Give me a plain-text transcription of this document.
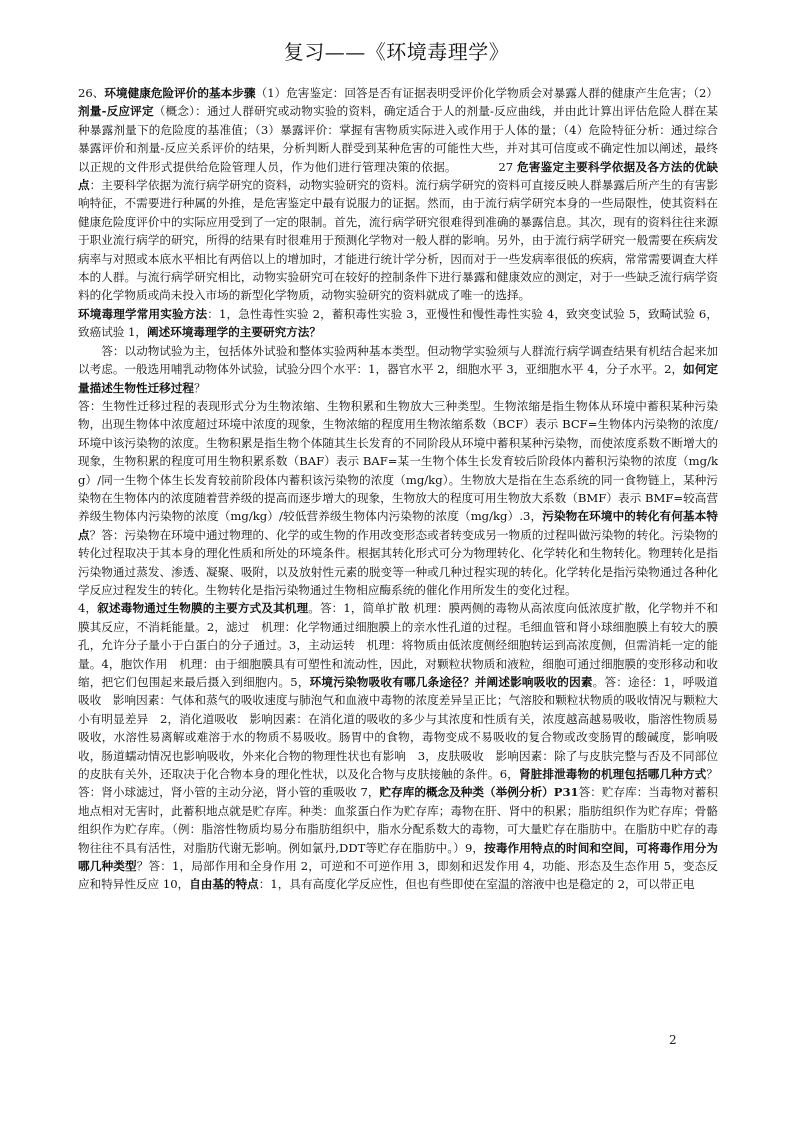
复习——《环境毒理学》

26、环境健康危险评价的基本步骤（1）危害鉴定：回答是否有证据表明受评价化学物质会对暴露人群的健康产生危害；（2）剂量-反应评定（概念）：通过人群研究或动物实验的资料，确定适合于人的剂量-反应曲线，并由此计算出评估危险人群在某种暴露剂量下的危险度的基准值；（3）暴露评价：掌握有害物质实际进入或作用于人体的量；（4）危险特征分析：通过综合暴露评价和剂量-反应关系评价的结果，分析判断人群受到某种危害的可能性大些，并对其可信度或不确定性加以阐述，最终以正规的文件形式提供给危险管理人员，作为他们进行管理决策的依据。　　　　27 危害鉴定主要科学依据及各方法的优缺点：主要科学依据为流行病学研究的资料，动物实验研究的资料。流行病学研究的资料可直接反映人群暴露后所产生的有害影响特征，不需要进行种属的外推，是危害鉴定中最有说服力的证据。然而，由于流行病学研究本身的一些局限性，使其资料在健康危险度评价中的实际应用受到了一定的限制。首先，流行病学研究很难得到准确的暴露信息。其次，现有的资料往往来源于职业流行病学的研究，所得的结果有时很难用于预测化学物对一般人群的影响。另外，由于流行病学研究一般需要在疾病发病率与对照或本底水平相比有两倍以上的增加时，才能进行统计学分析，因而对于一些发病率很低的疾病，常常需要调查大样本的人群。与流行病学研究相比，动物实验研究可在较好的控制条件下进行暴露和健康效应的测定，对于一些缺乏流行病学资料的化学物质或尚未投入市场的新型化学物质，动物实验研究的资料就成了唯一的选择。

环境毒理学常用实验方法：1，急性毒性实验 2，蓄积毒性实验 3，亚慢性和慢性毒性实验 4，致突变试验 5，致畸试验 6，致癌试验 1，阐述环境毒理学的主要研究方法？

答：以动物试验为主，包括体外试验和整体实验两种基本类型。但动物学实验须与人群流行病学调查结果有机结合起来加以考虑。一般选用哺乳动物体外试验，试验分四个水平：1，器官水平 2，细胞水平 3，亚细胞水平 4，分子水平。2，如何定量描述生物性迁移过程？

答：生物性迁移过程的表现形式分为生物浓缩、生物积累和生物放大三种类型。生物浓缩是指生物体从环境中蓄积某种污染物，出现生物体中浓度超过环境中浓度的现象，生物浓缩的程度用生物浓缩系数（BCF）表示 BCF=生物体内污染物的浓度/环境中该污染物的浓度。生物积累是指生物个体随其生长发育的不同阶段从环境中蓄积某种污染物，而使浓度系数不断增大的现象，生物积累的程度可用生物积累系数（BAF）表示 BAF=某一生物个体生长发育较后阶段体内蓄积污染物的浓度（mg/kg）/同一生物个体生长发育较前阶段体内蓄积该污染物的浓度（mg/kg）。生物放大是指在生态系统的同一食物链上，某种污染物在生物体内的浓度随着营养级的提高而逐步增大的现象，生物放大的程度可用生物放大系数（BMF）表示 BMF=较高营养级生物体内污染物的浓度（mg/kg）/较低营养级生物体内污染物的浓度（mg/kg）.3，污染物在环境中的转化有何基本特点？答：污染物在环境中通过物理的、化学的或生物的作用改变形态或者转变成另一物质的过程叫做污染物的转化。污染物的转化过程取决于其本身的理化性质和所处的环境条件。根据其转化形式可分为物理转化、化学转化和生物转化。物理转化是指污染物通过蒸发、渗透、凝聚、吸附，以及放射性元素的脱变等一种或几种过程实现的转化。化学转化是指污染物通过各种化学反应过程发生的转化。生物转化是指污染物通过生物相应酶系统的催化作用所发生的变化过程。

4，叙述毒物通过生物膜的主要方式及其机理。答：1，简单扩散 机理：膜两侧的毒物从高浓度向低浓度扩散，化学物并不和膜其反应，不消耗能量。2，滤过　机理：化学物通过细胞膜上的亲水性孔道的过程。毛细血管和肾小球细胞膜上有较大的膜孔，允许分子量小于白蛋白的分子通过。3，主动运转　机理：将物质由低浓度侧经细胞转运到高浓度侧，但需消耗一定的能量。4，胞饮作用　机理：由于细胞膜具有可塑性和流动性，因此，对颗粒状物质和液粒，细胞可通过细胞膜的变形移动和收缩，把它们包围起来最后摄入到细胞内。5，环境污染物吸收有哪几条途径？并阐述影响吸收的因素。答：途径：1，呼吸道吸收　影响因素：气体和蒸气的吸收速度与肺泡气和血液中毒物的浓度差异呈正比；气溶胶和颗粒状物质的吸收情况与颗粒大小有明显差异　2，消化道吸收　影响因素：在消化道的吸收的多少与其浓度和性质有关，浓度越高越易吸收，脂溶性物质易吸收，水溶性易离解或难溶于水的物质不易吸收。肠胃中的食物，毒物变成不易吸收的复合物或改变肠胃的酸碱度，影响吸收，肠道蠕动情况也影响吸收，外来化合物的物理性状也有影响　3，皮肤吸收　影响因素：除了与皮肤完整与否及不同部位的皮肤有关外，还取决于化合物本身的理化性状，以及化合物与皮肤接触的条件。6，肾脏排泄毒物的机理包括哪几种方式？答：肾小球滤过，肾小管的主动分泌，肾小管的重吸收 7，贮存库的概念及种类（举例分析）P31答：贮存库：当毒物对蓄积地点相对无害时，此蓄积地点就是贮存库。种类：血浆蛋白作为贮存库；毒物在肝、肾中的积累；脂肪组织作为贮存库；骨骼组织作为贮存库。（例：脂溶性物质均易分布脂肪组织中，脂水分配系数大的毒物，可大量贮存在脂肪中。在脂肪中贮存的毒物往往不具有活性，对脂肪代谢无影响。例如氯丹,DDT等贮存在脂肪中。）9，按毒作用特点的时间和空间，可将毒作用分为哪几种类型？答：1，局部作用和全身作用 2，可逆和不可逆作用 3，即刻和迟发作用 4，功能、形态及生态作用 5，变态反应和特异性反应 10，自由基的特点：1，具有高度化学反应性，但也有些即使在室温的溶液中也是稳定的 2，可以带正电

2
